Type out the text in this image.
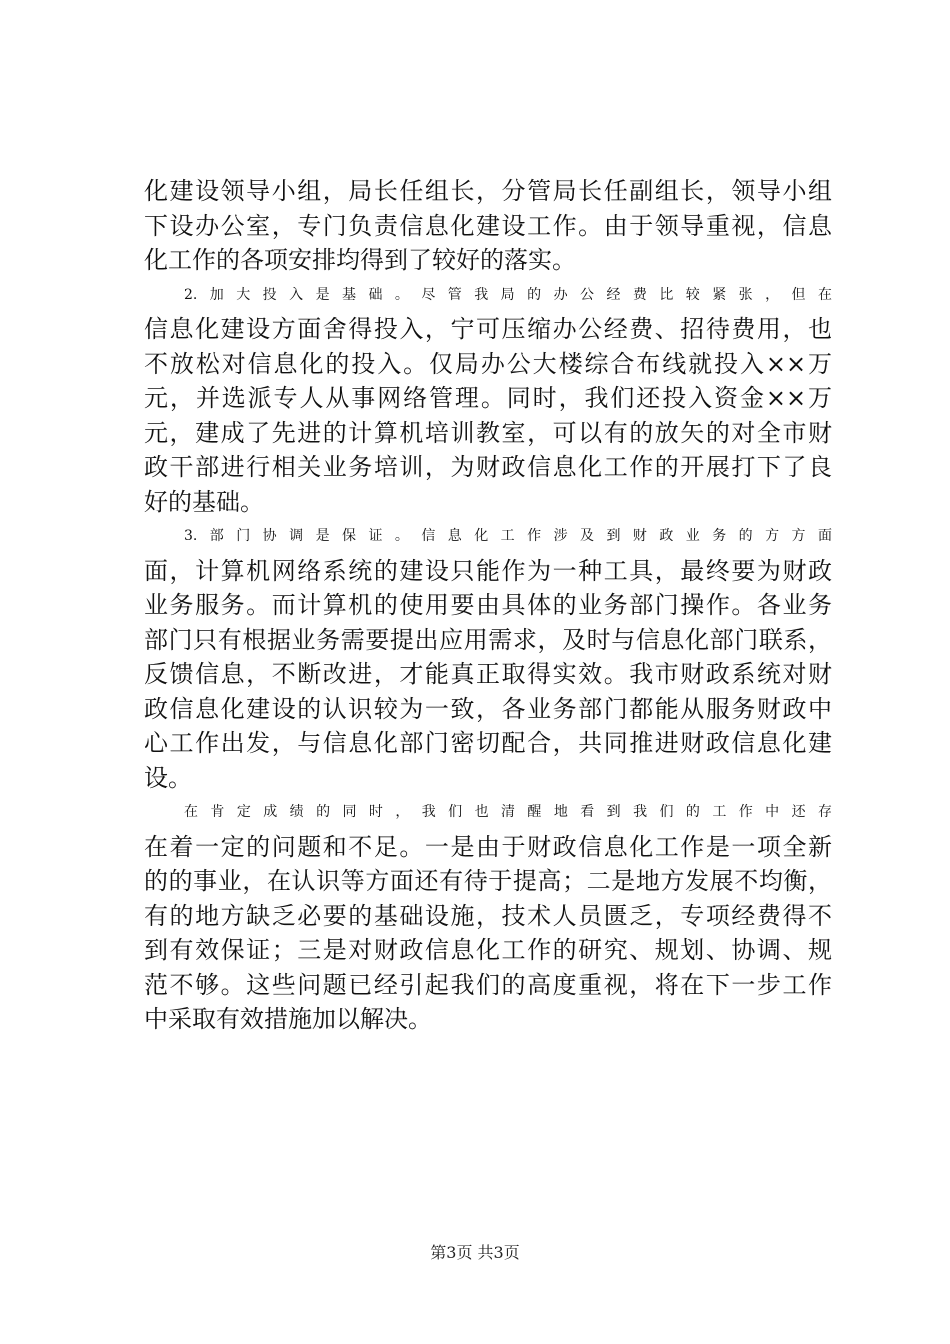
化建设领导小组，局长任组长，分管局长任副组长，领导小组
下设办公室，专门负责信息化建设工作。由于领导重视，信息
化工作的各项安排均得到了较好的落实。
2.加大投入是基础。尽管我局的办公经费比较紧张，但在
信息化建设方面舍得投入，宁可压缩办公经费、招待费用，也
不放松对信息化的投入。仅局办公大楼综合布线就投入××万
元，并选派专人从事网络管理。同时，我们还投入资金××万
元，建成了先进的计算机培训教室，可以有的放矢的对全市财
政干部进行相关业务培训，为财政信息化工作的开展打下了良
好的基础。
3.部门协调是保证。信息化工作涉及到财政业务的方方面
面，计算机网络系统的建设只能作为一种工具，最终要为财政
业务服务。而计算机的使用要由具体的业务部门操作。各业务
部门只有根据业务需要提出应用需求，及时与信息化部门联系，
反馈信息，不断改进，才能真正取得实效。我市财政系统对财
政信息化建设的认识较为一致，各业务部门都能从服务财政中
心工作出发，与信息化部门密切配合，共同推进财政信息化建
设。
在肯定成绩的同时，我们也清醒地看到我们的工作中还存
在着一定的问题和不足。一是由于财政信息化工作是一项全新
的的事业，在认识等方面还有待于提高；二是地方发展不均衡，
有的地方缺乏必要的基础设施，技术人员匮乏，专项经费得不
到有效保证；三是对财政信息化工作的研究、规划、协调、规
范不够。这些问题已经引起我们的高度重视，将在下一步工作
中采取有效措施加以解决。
第3页 共3页
